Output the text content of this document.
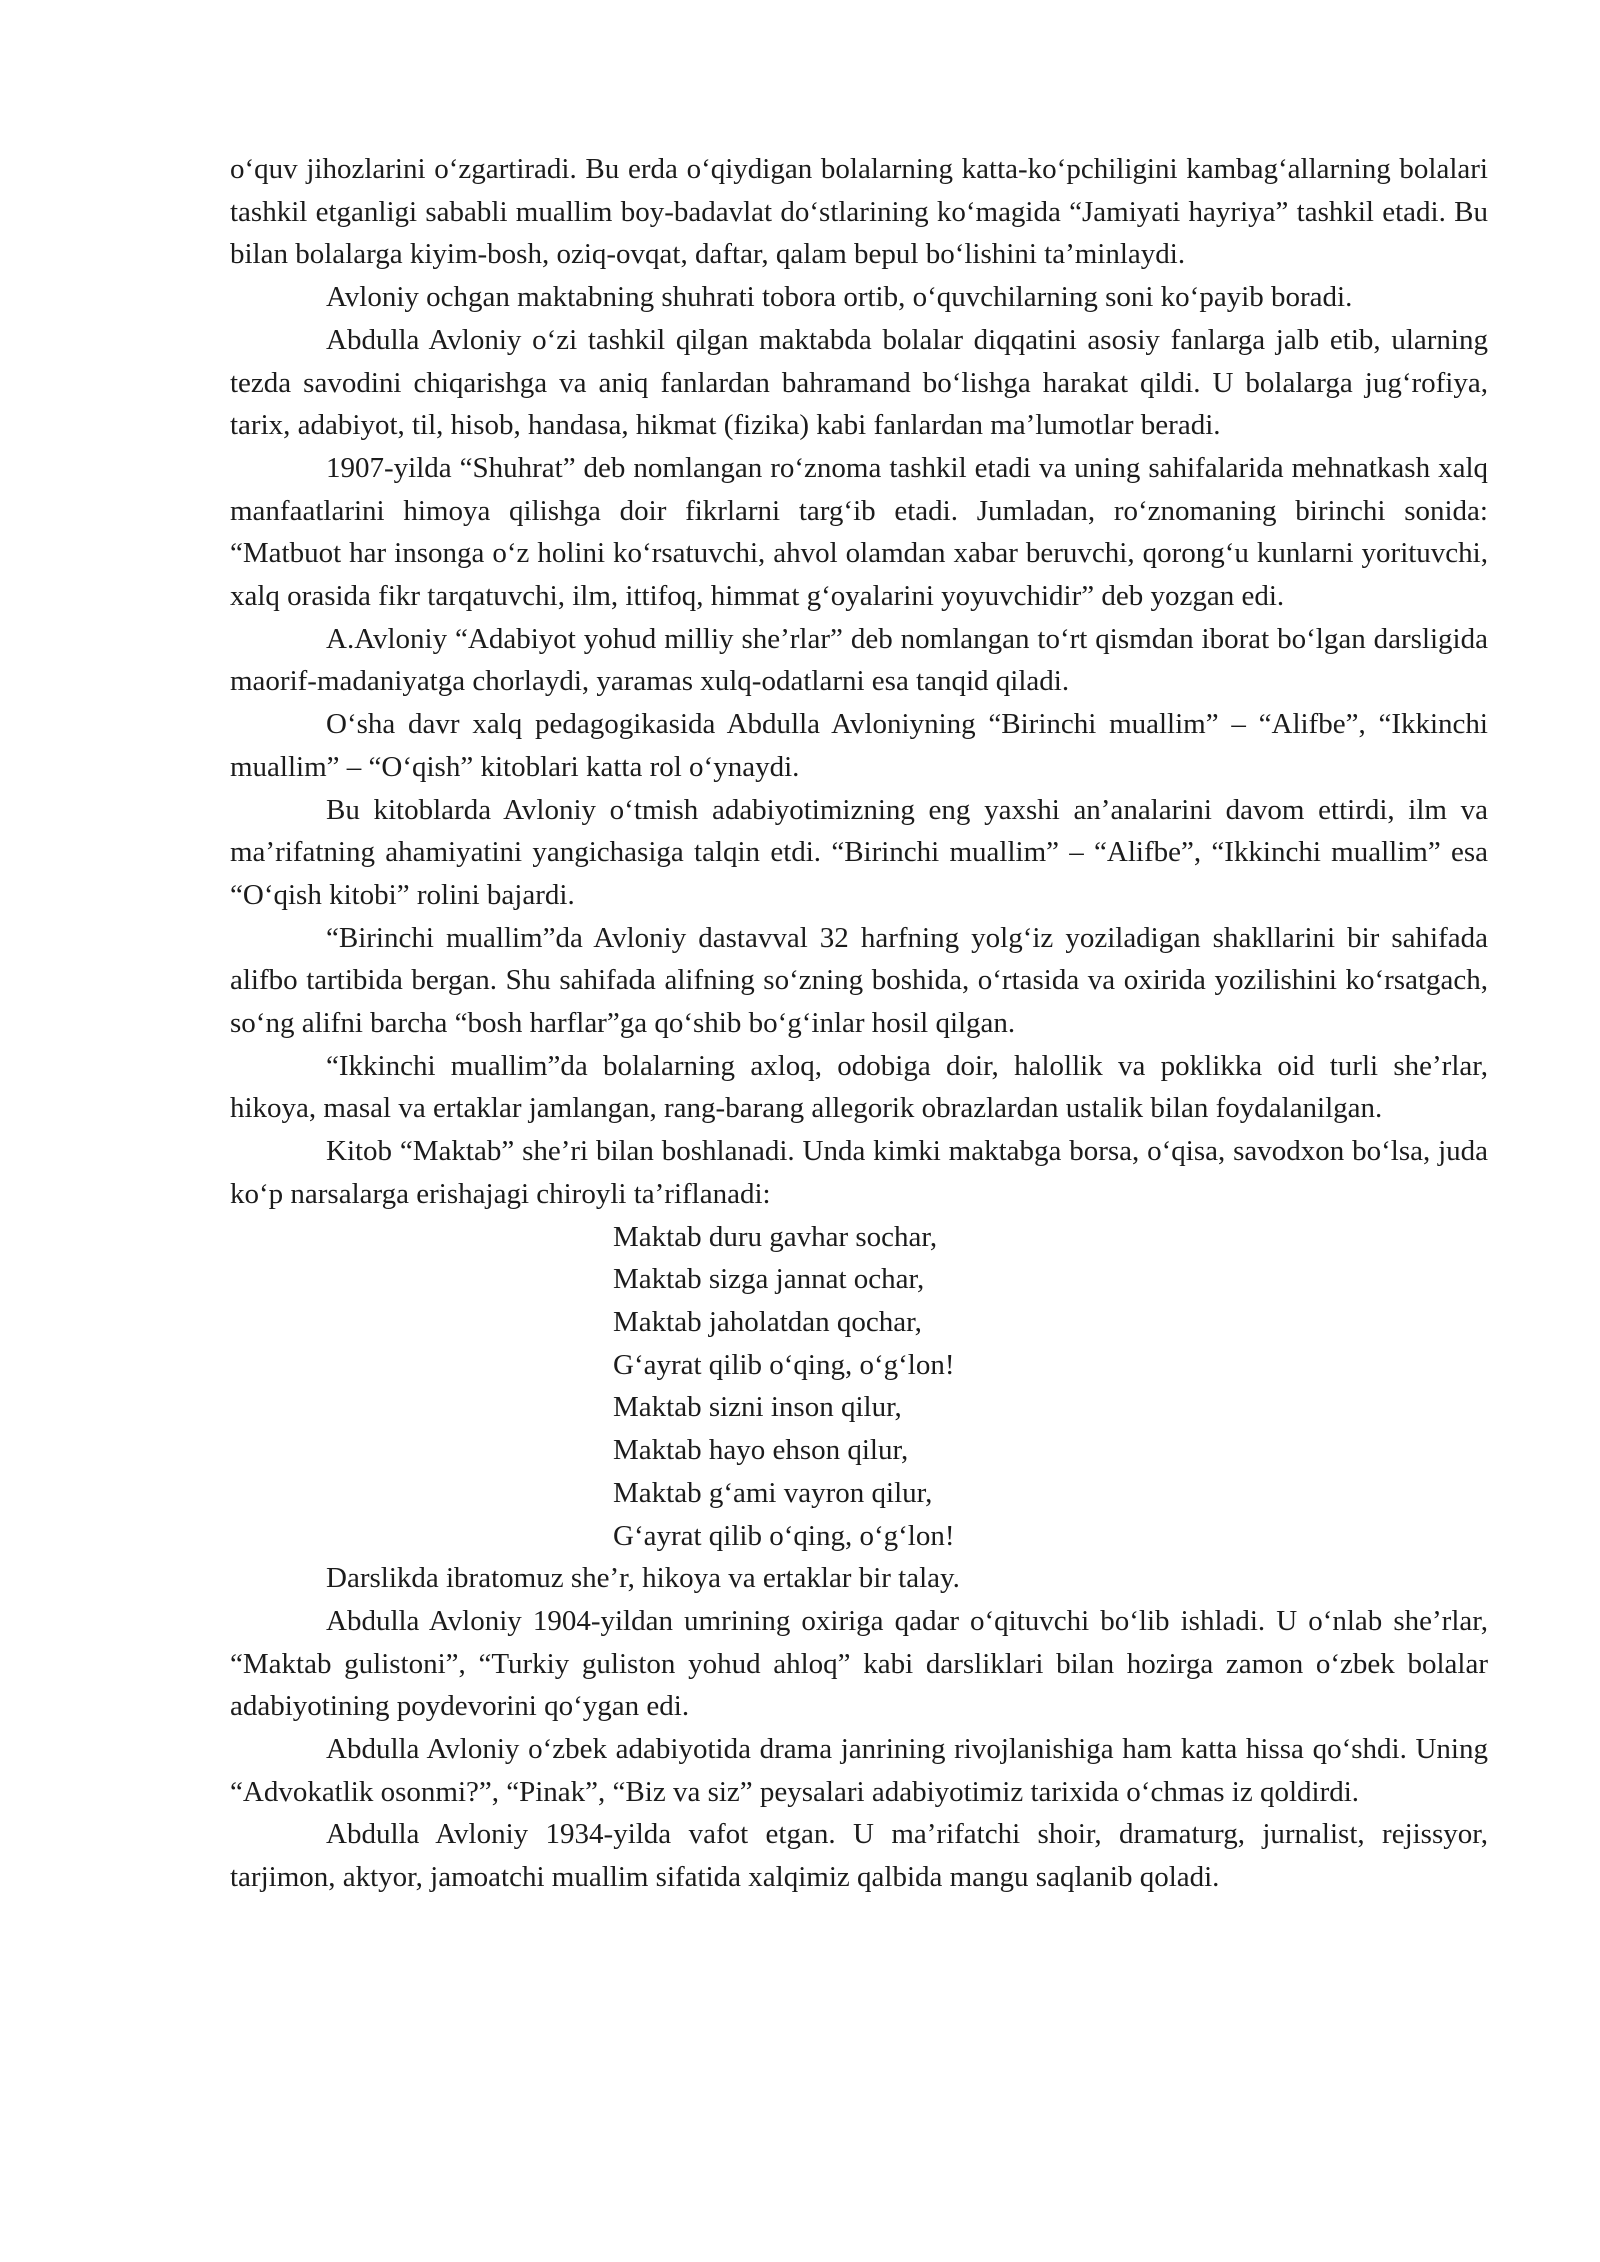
o‘quv jihozlarini o‘zgartiradi. Bu erda o‘qiydigan bolalarning katta-ko‘pchiligini kambag‘allarning bolalari tashkil etganligi sababli muallim boy-badavlat do‘stlarining ko‘magida “Jamiyati hayriya” tashkil etadi. Bu bilan bolalarga kiyim-bosh, oziq-ovqat, daftar, qalam bepul bo‘lishini ta’minlaydi.

Avloniy ochgan maktabning shuhrati tobora ortib, o‘quvchilarning soni ko‘payib boradi.

Abdulla Avloniy o‘zi tashkil qilgan maktabda bolalar diqqatini asosiy fanlarga jalb etib, ularning tezda savodini chiqarishga va aniq fanlardan bahramand bo‘lishga harakat qildi. U bolalarga jug‘rofiya, tarix, adabiyot, til, hisob, handasa, hikmat (fizika) kabi fanlardan ma’lumotlar beradi.

1907-yilda “Shuhrat” deb nomlangan ro‘znoma tashkil etadi va uning sahifalarida mehnatkash xalq manfaatlarini himoya qilishga doir fikrlarni targ‘ib etadi. Jumladan, ro‘znomaning birinchi sonida: “Matbuot har insonga o‘z holini ko‘rsatuvchi, ahvol olamdan xabar beruvchi, qorong‘u kunlarni yorituvchi, xalq orasida fikr tarqatuvchi, ilm, ittifoq, himmat g‘oyalarini yoyuvchidir” deb yozgan edi.

A.Avloniy “Adabiyot yohud milliy she’rlar” deb nomlangan to‘rt qismdan iborat bo‘lgan darsligida maorif-madaniyatga chorlaydi, yaramas xulq-odatlarni esa tanqid qiladi.

O‘sha davr xalq pedagogikasida Abdulla Avloniyning “Birinchi muallim” – “Alifbe”, “Ikkinchi muallim” – “O‘qish” kitoblari katta rol o‘ynaydi.

Bu kitoblarda Avloniy o‘tmish adabiyotimizning eng yaxshi an’analarini davom ettirdi, ilm va ma’rifatning ahamiyatini yangichasiga talqin etdi. “Birinchi muallim” – “Alifbe”, “Ikkinchi muallim” esa “O‘qish kitobi” rolini bajardi.

“Birinchi muallim”da Avloniy dastavval 32 harfning yolg‘iz yoziladigan shakllarini bir sahifada alifbo tartibida bergan. Shu sahifada alifning so‘zning boshida, o‘rtasida va oxirida yozilishini ko‘rsatgach, so‘ng alifni barcha “bosh harflar”ga qo‘shib bo‘g‘inlar hosil qilgan.

“Ikkinchi muallim”da bolalarning axloq, odobiga doir, halollik va poklikka oid turli she’rlar, hikoya, masal va ertaklar jamlangan, rang-barang allegorik obrazlardan ustalik bilan foydalanilgan.

Kitob “Maktab” she’ri bilan boshlanadi. Unda kimki maktabga borsa, o‘qisa, savodxon bo‘lsa, juda ko‘p narsalarga erishajagi chiroyli ta’riflanadi:

Maktab duru gavhar sochar,
Maktab sizga jannat ochar,
Maktab jaholatdan qochar,
G‘ayrat qilib o‘qing, o‘g‘lon!
Maktab sizni inson qilur,
Maktab hayo ehson qilur,
Maktab g‘ami vayron qilur,
G‘ayrat qilib o‘qing, o‘g‘lon!

Darslikda ibratomuz she’r, hikoya va ertaklar bir talay.

Abdulla Avloniy 1904-yildan umrining oxiriga qadar o‘qituvchi bo‘lib ishladi. U o‘nlab she’rlar, “Maktab gulistoni”, “Turkiy guliston yohud ahloq” kabi darsliklari bilan hozirga zamon o‘zbek bolalar adabiyotining poydevorini qo‘ygan edi.

Abdulla Avloniy o‘zbek adabiyotida drama janrining rivojlanishiga ham katta hissa qo‘shdi. Uning “Advokatlik osonmi?”, “Pinak”, “Biz va siz” peysalari adabiyotimiz tarixida o‘chmas iz qoldirdi.

Abdulla Avloniy 1934-yilda vafot etgan. U ma’rifatchi shoir, dramaturg, jurnalist, rejissyor, tarjimon, aktyor, jamoatchi muallim sifatida xalqimiz qalbida mangu saqlanib qoladi.
